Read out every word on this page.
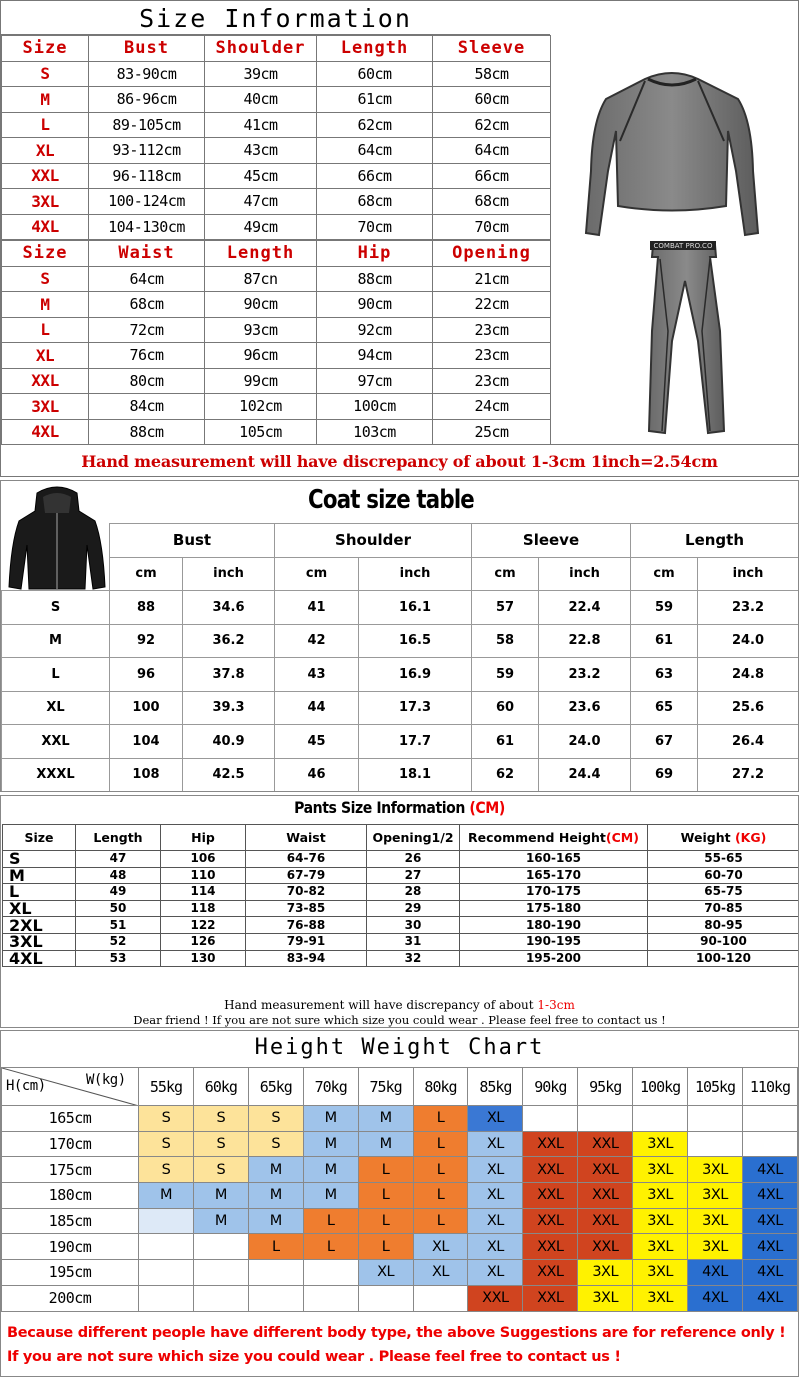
Size Information
Size	Bust	Shoulder	Length	Sleeve
S	83-90cm	39cm	60cm	58cm
M	86-96cm	40cm	61cm	60cm
L	89-105cm	41cm	62cm	62cm
XL	93-112cm	43cm	64cm	64cm
XXL	96-118cm	45cm	66cm	66cm
3XL	100-124cm	47cm	68cm	68cm
4XL	104-130cm	49cm	70cm	70cm
Size	Waist	Length	Hip	Opening
S	64cm	87cn	88cm	21cm
M	68cm	90cm	90cm	22cm
L	72cm	93cm	92cm	23cm
XL	76cm	96cm	94cm	23cm
XXL	80cm	99cm	97cm	23cm
3XL	84cm	102cm	100cm	24cm
4XL	88cm	105cm	103cm	25cm
COMBAT PRO.CO
Hand measurement will have discrepancy of about 1-3cm 1inch=2.54cm
Coat size table
	Bust		Shoulder		Sleeve		Length	
	cm	inch	cm	inch	cm	inch	cm	inch
S	88	34.6	41	16.1	57	22.4	59	23.2
M	92	36.2	42	16.5	58	22.8	61	24.0
L	96	37.8	43	16.9	59	23.2	63	24.8
XL	100	39.3	44	17.3	60	23.6	65	25.6
XXL	104	40.9	45	17.7	61	24.0	67	26.4
XXXL	108	42.5	46	18.1	62	24.4	69	27.2
Pants Size Information (CM)
Size	Length	Hip	Waist	Opening1/2	Recommend Height(CM)	Weight (KG)
S	47	106	64-76	26	160-165	55-65
M	48	110	67-79	27	165-170	60-70
L	49	114	70-82	28	170-175	65-75
XL	50	118	73-85	29	175-180	70-85
2XL	51	122	76-88	30	180-190	80-95
3XL	52	126	79-91	31	190-195	90-100
4XL	53	130	83-94	32	195-200	100-120
Hand measurement will have discrepancy of about 1-3cm
Dear friend ! If you are not sure which size you could wear . Please feel free to contact us !
Height Weight Chart
H(cm) W(kg)	55kg	60kg	65kg	70kg	75kg	80kg	85kg	90kg	95kg	100kg	105kg	110kg
165cm	S	S	S	M	M	L	XL					
170cm	S	S	S	M	M	L	XL	XXL	XXL	3XL		
175cm	S	S	M	M	L	L	XL	XXL	XXL	3XL	3XL	4XL
180cm	M	M	M	M	L	L	XL	XXL	XXL	3XL	3XL	4XL
185cm		M	M	L	L	L	XL	XXL	XXL	3XL	3XL	4XL
190cm			L	L	L	XL	XL	XXL	XXL	3XL	3XL	4XL
195cm					XL	XL	XL	XXL	3XL	3XL	4XL	4XL
200cm							XXL	XXL	3XL	3XL	4XL	4XL
Because different people have different body type, the above Suggestions are for reference only !
If you are not sure which size you could wear . Please feel free to contact us !
